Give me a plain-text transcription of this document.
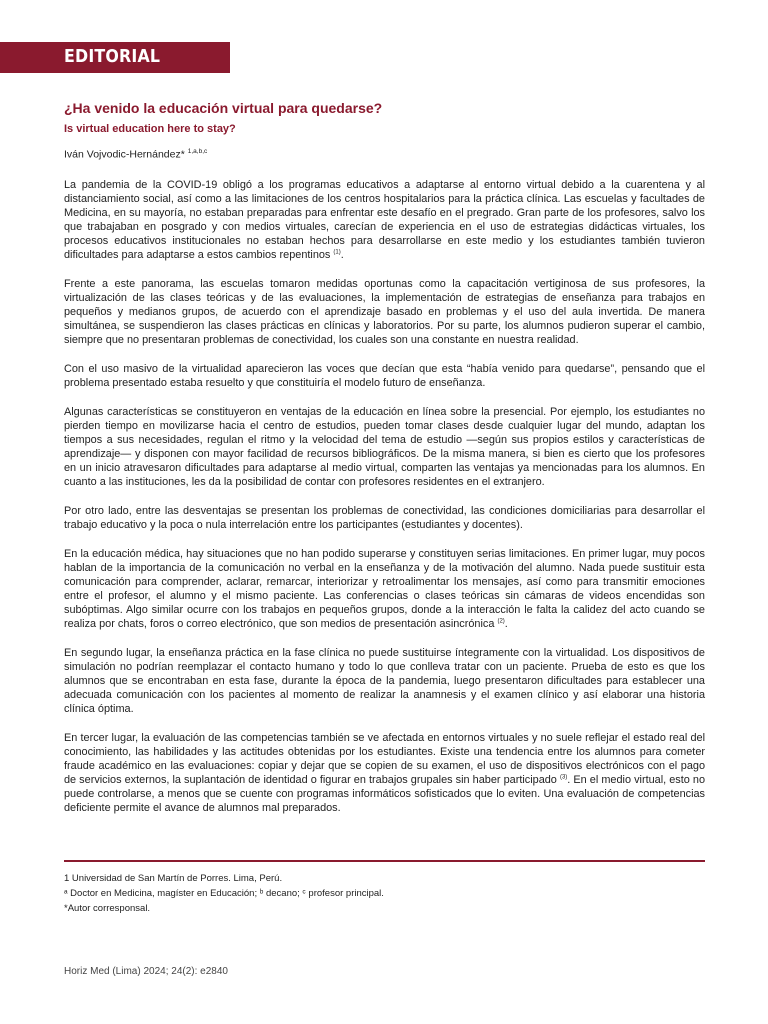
EDITORIAL
¿Ha venido la educación virtual para quedarse?
Is virtual education here to stay?
Iván Vojvodic-Hernández* $^{1,a,b,c}$

La pandemia de la COVID-19 obligó a los programas educativos a adaptarse al entorno virtual debido a la cuarentena y al distanciamiento social, así como a las limitaciones de los centros hospitalarios para la práctica clínica. Las escuelas y facultades de Medicina, en su mayoría, no estaban preparadas para enfrentar este desafío en el pregrado. Gran parte de los profesores, salvo los que trabajaban en posgrado y con medios virtuales, carecían de experiencia en el uso de estrategias didácticas virtuales, los procesos educativos institucionales no estaban hechos para desarrollarse en este medio y los estudiantes también tuvieron dificultades para adaptarse a estos cambios repentinos $^{(1)}$.

Frente a este panorama, las escuelas tomaron medidas oportunas como la capacitación vertiginosa de sus profesores, la virtualización de las clases teóricas y de las evaluaciones, la implementación de estrategias de enseñanza para trabajos en pequeños y medianos grupos, de acuerdo con el aprendizaje basado en problemas y el uso del aula invertida. De manera simultánea, se suspendieron las clases prácticas en clínicas y laboratorios. Por su parte, los alumnos pudieron superar el cambio, siempre que no presentaran problemas de conectividad, los cuales son una constante en nuestra realidad.

Con el uso masivo de la virtualidad aparecieron las voces que decían que esta “había venido para quedarse”, pensando que el problema presentado estaba resuelto y que constituiría el modelo futuro de enseñanza.

Algunas características se constituyeron en ventajas de la educación en línea sobre la presencial. Por ejemplo, los estudiantes no pierden tiempo en movilizarse hacia el centro de estudios, pueden tomar clases desde cualquier lugar del mundo, adaptan los tiempos a sus necesidades, regulan el ritmo y la velocidad del tema de estudio —según sus propios estilos y características de aprendizaje— y disponen con mayor facilidad de recursos bibliográficos. De la misma manera, si bien es cierto que los profesores en un inicio atravesaron dificultades para adaptarse al medio virtual, comparten las ventajas ya mencionadas para los alumnos. En cuanto a las instituciones, les da la posibilidad de contar con profesores residentes en el extranjero.

Por otro lado, entre las desventajas se presentan los problemas de conectividad, las condiciones domiciliarias para desarrollar el trabajo educativo y la poca o nula interrelación entre los participantes (estudiantes y docentes).

En la educación médica, hay situaciones que no han podido superarse y constituyen serias limitaciones. En primer lugar, muy pocos hablan de la importancia de la comunicación no verbal en la enseñanza y de la motivación del alumno. Nada puede sustituir esta comunicación para comprender, aclarar, remarcar, interiorizar y retroalimentar los mensajes, así como para transmitir emociones entre el profesor, el alumno y el mismo paciente. Las conferencias o clases teóricas sin cámaras de videos encendidas son subóptimas. Algo similar ocurre con los trabajos en pequeños grupos, donde a la interacción le falta la calidez del acto cuando se realiza por chats, foros o correo electrónico, que son medios de presentación asincrónica $^{(2)}$.

En segundo lugar, la enseñanza práctica en la fase clínica no puede sustituirse íntegramente con la virtualidad. Los dispositivos de simulación no podrían reemplazar el contacto humano y todo lo que conlleva tratar con un paciente. Prueba de esto es que los alumnos que se encontraban en esta fase, durante la época de la pandemia, luego presentaron dificultades para establecer una adecuada comunicación con los pacientes al momento de realizar la anamnesis y el examen clínico y así elaborar una historia clínica óptima.

En tercer lugar, la evaluación de las competencias también se ve afectada en entornos virtuales y no suele reflejar el estado real del conocimiento, las habilidades y las actitudes obtenidas por los estudiantes. Existe una tendencia entre los alumnos para cometer fraude académico en las evaluaciones: copiar y dejar que se copien de su examen, el uso de dispositivos electrónicos con el pago de servicios externos, la suplantación de identidad o figurar en trabajos grupales sin haber participado $^{(3)}$. En el medio virtual, esto no puede controlarse, a menos que se cuente con programas informáticos sofisticados que lo eviten. Una evaluación de competencias deficiente permite el avance de alumnos mal preparados.

1 Universidad de San Martín de Porres. Lima, Perú.
ᵃ Doctor en Medicina, magíster en Educación; ᵇ decano; ᶜ profesor principal.
*Autor corresponsal.
Horiz Med (Lima) 2024; 24(2): e2840
